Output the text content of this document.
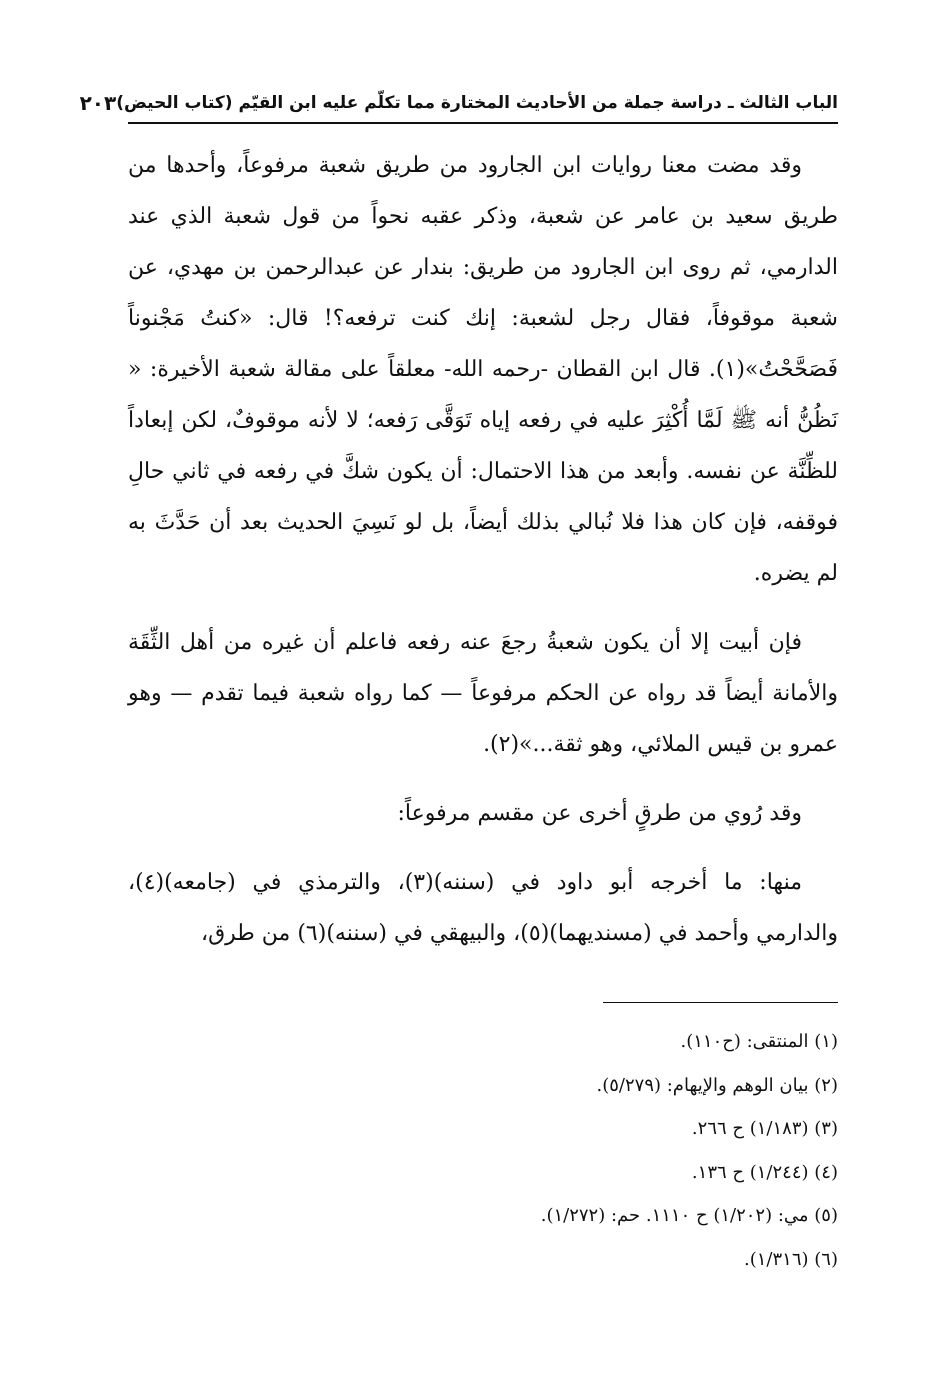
الباب الثالث ـ دراسة جملة من الأحاديث المختارة مما تكلّم عليه ابن القيّم (كتاب الحيض)
٢٠٣

وقد مضت معنا روايات ابن الجارود من طريق شعبة مرفوعاً، وأحدها من طريق سعيد بن عامر عن شعبة، وذكر عقبه نحواً من قول شعبة الذي عند الدارمي، ثم روى ابن الجارود من طريق: بندار عن عبدالرحمن بن مهدي، عن شعبة موقوفاً، فقال رجل لشعبة: إنك كنت ترفعه؟! قال: «كنتُ مَجْنوناً فَصَحَّحْتُ»(١). قال ابن القطان -رحمه الله- معلقاً على مقالة شعبة الأخيرة: « نَظُنُّ أنه ﷺ لَمَّا أُكْثِرَ عليه في رفعه إياه تَوَقَّى رَفعه؛ لا لأنه موقوفٌ، لكن إبعاداً للظِّنَّة عن نفسه. وأبعد من هذا الاحتمال: أن يكون شكَّ في رفعه في ثاني حالِ فوقفه، فإن كان هذا فلا نُبالي بذلك أيضاً، بل لو نَسِيَ الحديث بعد أن حَدَّثَ به لم يضره.

فإن أبيت إلا أن يكون شعبةُ رجعَ عنه رفعه فاعلم أن غيره من أهل الثِّقَة والأمانة أيضاً قد رواه عن الحكم مرفوعاً — كما رواه شعبة فيما تقدم — وهو عمرو بن قيس الملائي، وهو ثقة...»(٢).

وقد رُوي من طرقٍ أخرى عن مقسم مرفوعاً:

منها: ما أخرجه أبو داود في (سننه)(٣)، والترمذي في (جامعه)(٤)، والدارمي وأحمد في (مسنديهما)(٥)، والبيهقي في (سننه)(٦) من طرق،

(١) المنتقى: (ح١١٠).

(٢) بيان الوهم والإيهام: (٥/٢٧٩).

(٣) (١/١٨٣) ح ٢٦٦.

(٤) (١/٢٤٤) ح ١٣٦.

(٥) مي: (١/٢٠٢) ح ١١١٠. حم: (١/٢٧٢).

(٦) (١/٣١٦).
